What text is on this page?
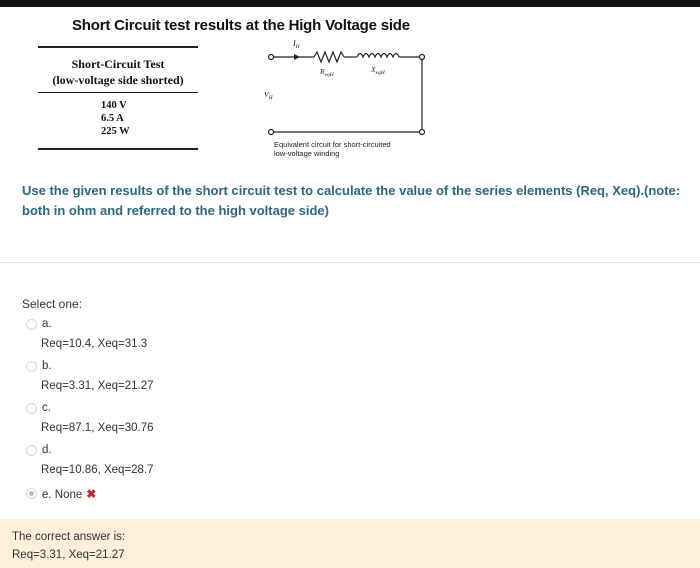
Short Circuit test results at the High Voltage side
Short-Circuit Test
(low-voltage side shorted)
140 V
6.5 A
225 W
$I_H$
$R_{eqH}$
$X_{eqH}$
$V_H$
Equivalent circuit for short-circuited
low-voltage winding
Use the given results of the short circuit test to calculate the value of the series elements (Req, Xeq).(note: both in ohm and referred to the high voltage side)
Select one:
a.
Req=10.4, Xeq=31.3
b.
Req=3.31, Xeq=21.27
c.
Req=87.1, Xeq=30.76
d.
Req=10.86, Xeq=28.7
e. None ✖
The correct answer is:
Req=3.31, Xeq=21.27
